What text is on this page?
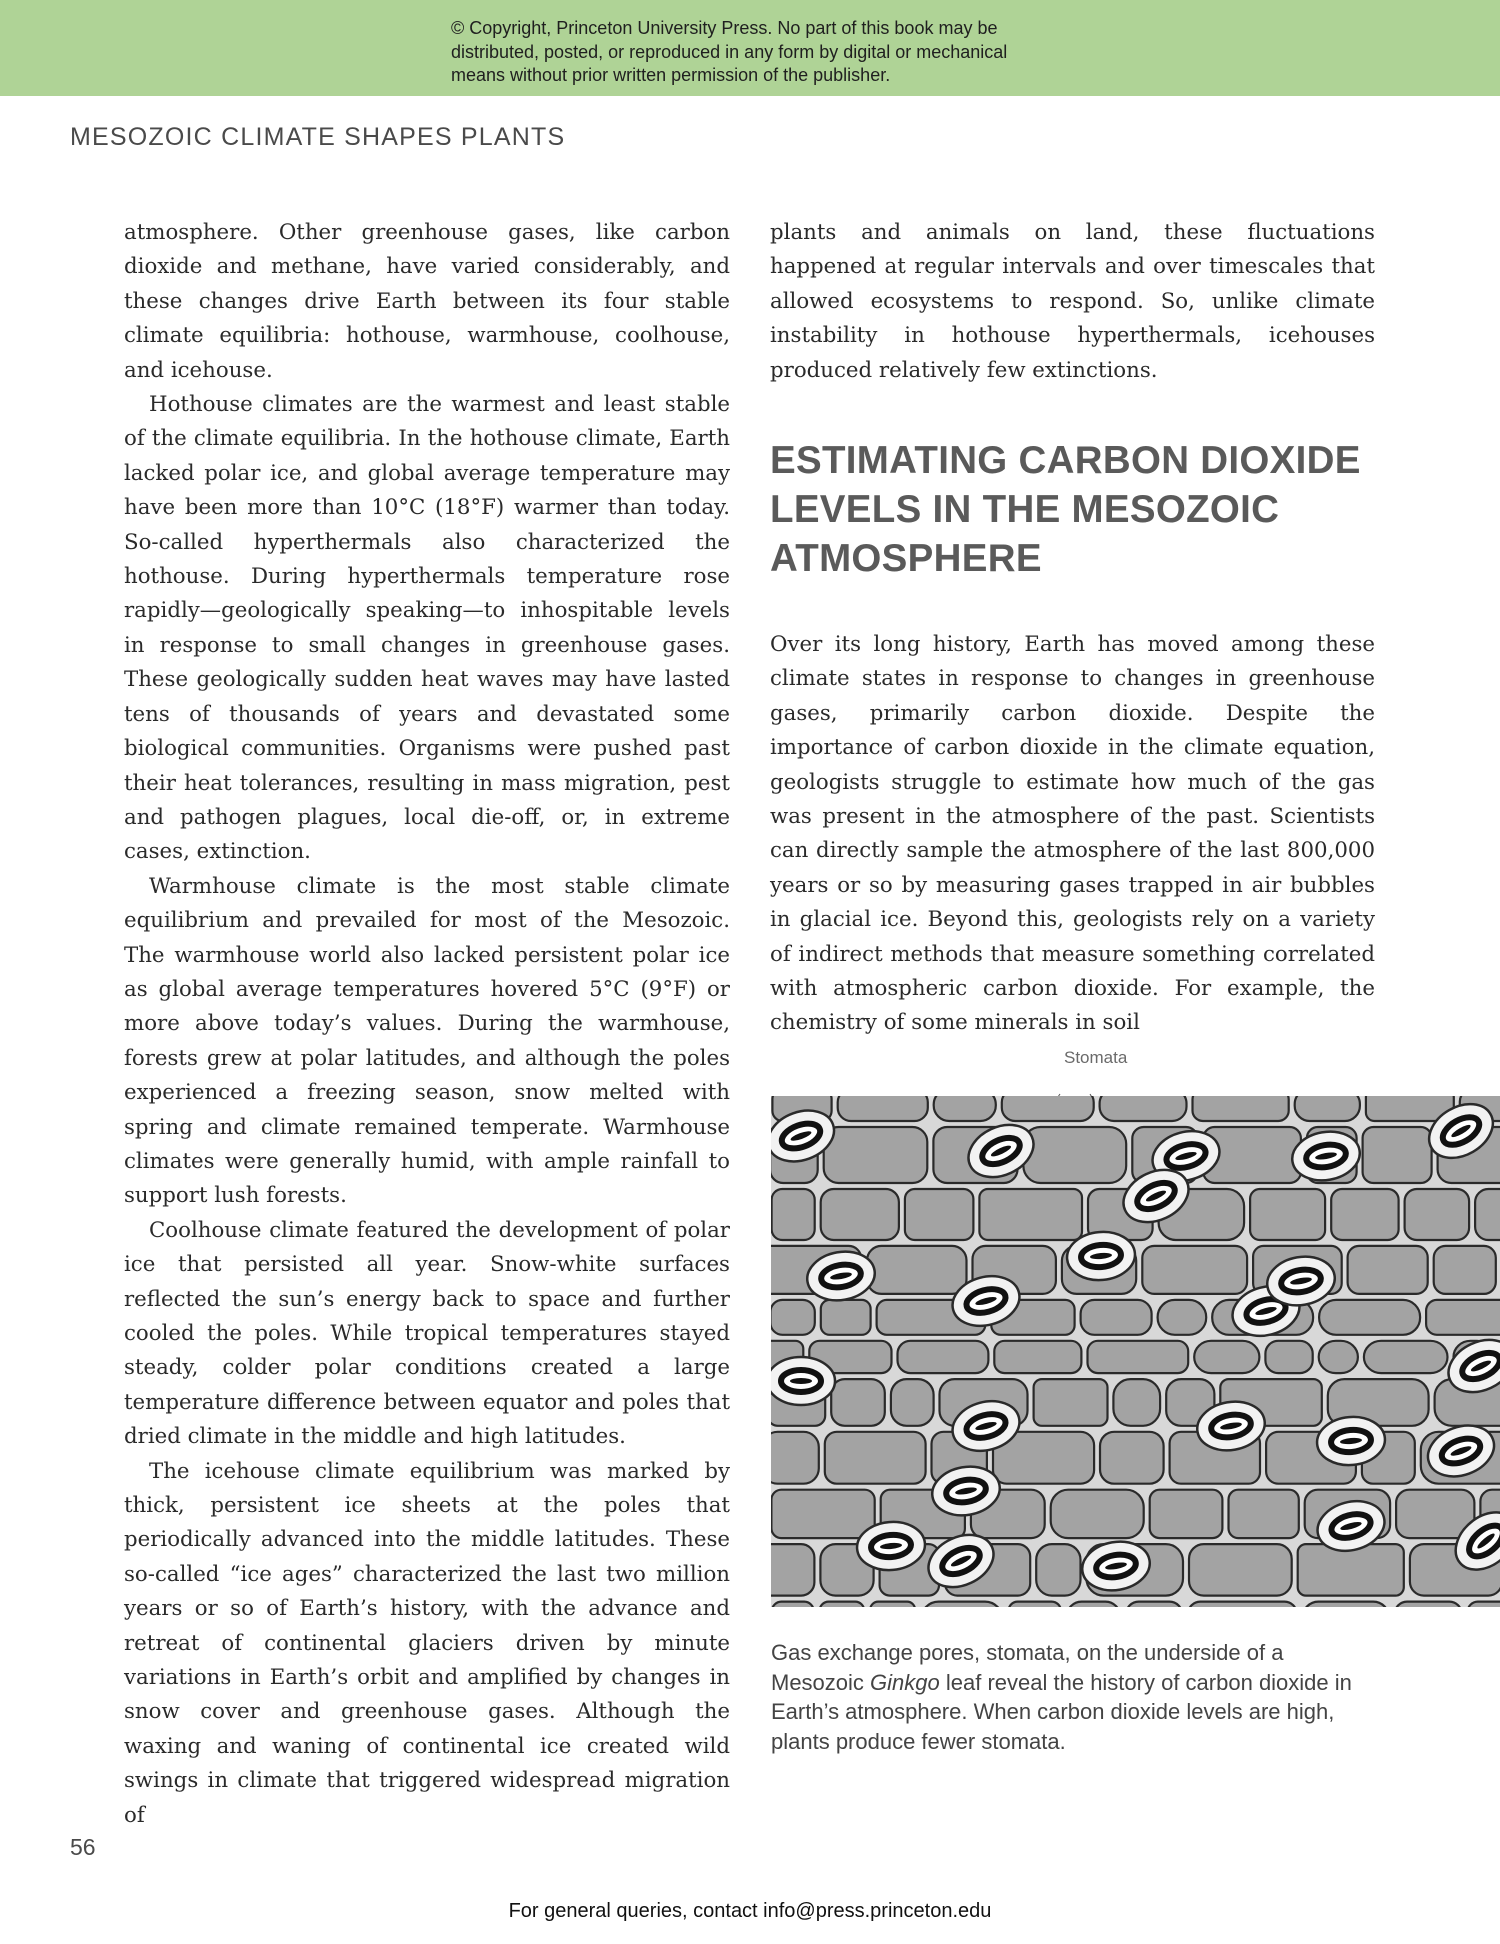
© Copyright, Princeton University Press. No part of this book may be
distributed, posted, or reproduced in any form by digital or mechanical
means without prior written permission of the publisher.
MESOZOIC CLIMATE SHAPES PLANTS

atmosphere. Other greenhouse gases, like carbon dioxide and methane, have varied considerably, and these changes drive Earth between its four stable climate equilibria: hothouse, warmhouse, coolhouse, and icehouse.

Hothouse climates are the warmest and least stable of the climate equilibria. In the hothouse climate, Earth lacked polar ice, and global average temperature may have been more than 10°C (18°F) warmer than today. So-called hyperthermals also characterized the hothouse. During hyperthermals temperature rose rapidly—geologically speaking—to inhospitable levels in response to small changes in greenhouse gases. These geologically sudden heat waves may have lasted tens of thousands of years and devastated some biological communities. Organisms were pushed past their heat tolerances, resulting in mass migration, pest and pathogen plagues, local die-off, or, in extreme cases, extinction.

Warmhouse climate is the most stable climate equilibrium and prevailed for most of the Mesozoic. The warmhouse world also lacked persistent polar ice as global average temperatures hovered 5°C (9°F) or more above today’s values. During the warmhouse, forests grew at polar latitudes, and although the poles experienced a freezing season, snow melted with spring and climate remained temperate. Warmhouse climates were generally humid, with ample rainfall to support lush forests.

Coolhouse climate featured the development of polar ice that persisted all year. Snow-white surfaces reflected the sun’s energy back to space and further cooled the poles. While tropical temperatures stayed steady, colder polar conditions created a large temperature difference between equator and poles that dried climate in the middle and high latitudes.

The icehouse climate equilibrium was marked by thick, persistent ice sheets at the poles that periodically advanced into the middle latitudes. These so-called “ice ages” characterized the last two million years or so of Earth’s history, with the advance and retreat of continental glaciers driven by minute variations in Earth’s orbit and amplified by changes in snow cover and greenhouse gases. Although the waxing and waning of continental ice created wild swings in climate that triggered widespread migration of

plants and animals on land, these fluctuations happened at regular intervals and over timescales that allowed ecosystems to respond. So, unlike climate instability in hothouse hyperthermals, icehouses produced relatively few extinctions.

ESTIMATING CARBON DIOXIDE
LEVELS IN THE MESOZOIC
ATMOSPHERE

Over its long history, Earth has moved among these climate states in response to changes in greenhouse gases, primarily carbon dioxide. Despite the importance of carbon dioxide in the climate equation, geologists struggle to estimate how much of the gas was present in the atmosphere of the past. Scientists can directly sample the atmosphere of the last 800,000 years or so by measuring gases trapped in air bubbles in glacial ice. Beyond this, geologists rely on a variety of indirect methods that measure something correlated with atmospheric carbon dioxide. For example, the chemistry of some minerals in soil

Stomata
Gas exchange pores, stomata, on the underside of a Mesozoic Ginkgo leaf reveal the history of carbon dioxide in Earth’s atmosphere. When carbon dioxide levels are high, plants produce fewer stomata.
56
For general queries, contact info@press.princeton.edu
